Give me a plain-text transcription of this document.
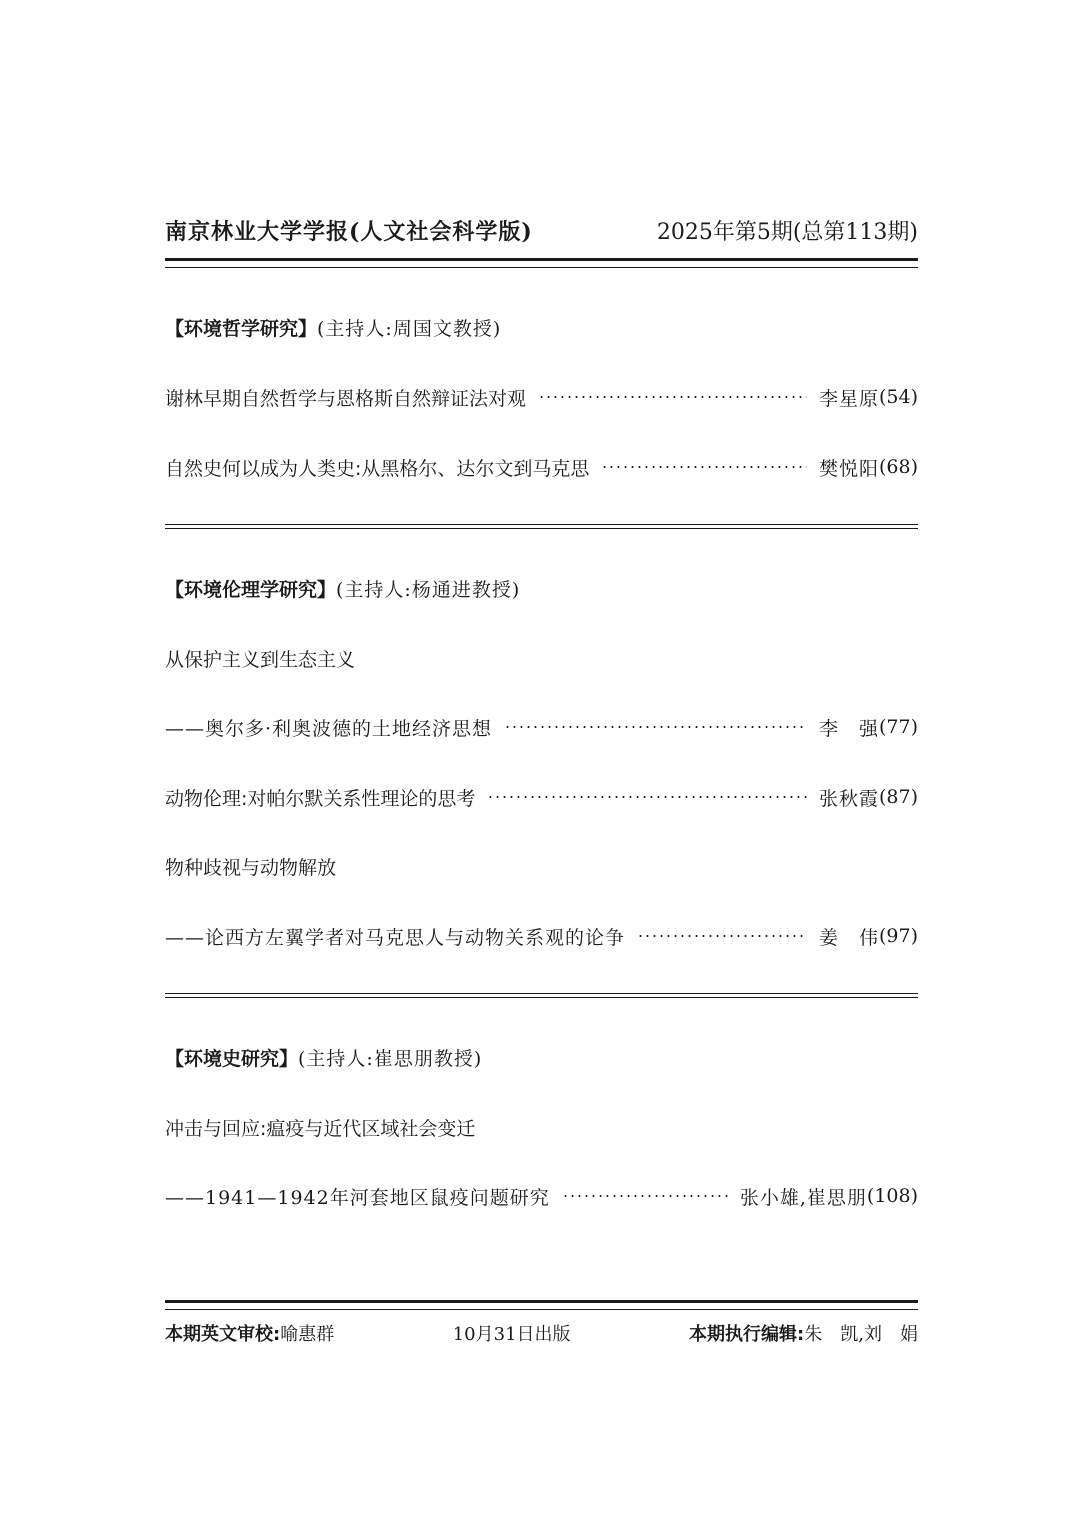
南京林业大学学报(人文社会科学版)	2025年第5期(总第113期)
【环境哲学研究】 (主持人:周国文教授)
谢林早期自然哲学与恩格斯自然辩证法对观	李星原 (54)
自然史何以成为人类史:从黑格尔、达尔文到马克思	樊悦阳 (68)
【环境伦理学研究】 (主持人:杨通进教授)
从保护主义到生态主义
——奥尔多·利奥波德的土地经济思想	李　强 (77)
动物伦理:对帕尔默关系性理论的思考	张秋霞 (87)
物种歧视与动物解放
——论西方左翼学者对马克思人与动物关系观的论争	姜　伟 (97)
【环境史研究】 (主持人:崔思朋教授)
冲击与回应:瘟疫与近代区域社会变迁
——1941—1942年河套地区鼠疫问题研究	张小雄,崔思朋 (108)
本期英文审校:喻惠群	10月31日出版	本期执行编辑:朱　凯,刘　娟
